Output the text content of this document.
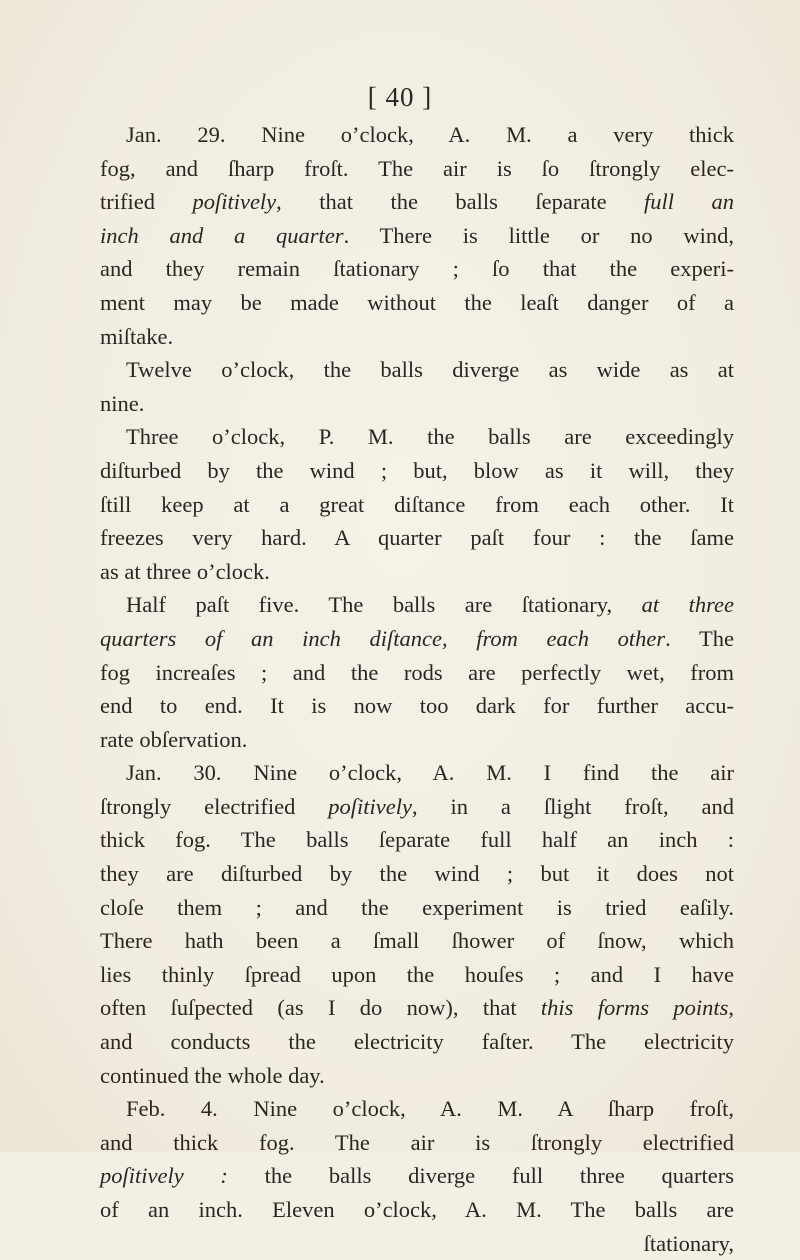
[ 40 ]
Jan. 29. Nine o’clock, A. M. a very thick
fog, and ſharp froſt. The air is ſo ſtrongly elec-
trified poſitively, that the balls ſeparate full an
inch and a quarter. There is little or no wind,
and they remain ſtationary ; ſo that the experi-
ment may be made without the leaſt danger of a
miſtake.
Twelve o’clock, the balls diverge as wide as at
nine.
Three o’clock, P. M. the balls are exceedingly
diſturbed by the wind ; but, blow as it will, they
ſtill keep at a great diſtance from each other. It
freezes very hard. A quarter paſt four : the ſame
as at three o’clock.
Half paſt five. The balls are ſtationary, at three
quarters of an inch diſtance, from each other. The
fog increaſes ; and the rods are perfectly wet, from
end to end. It is now too dark for further accu-
rate obſervation.
Jan. 30. Nine o’clock, A. M. I find the air
ſtrongly electrified poſitively, in a ſlight froſt, and
thick fog. The balls ſeparate full half an inch :
they are diſturbed by the wind ; but it does not
cloſe them ; and the experiment is tried eaſily.
There hath been a ſmall ſhower of ſnow, which
lies thinly ſpread upon the houſes ; and I have
often ſuſpected (as I do now), that this forms points,
and conducts the electricity faſter. The electricity
continued the whole day.
Feb. 4. Nine o’clock, A. M. A ſharp froſt,
and thick fog. The air is ſtrongly electrified
poſitively : the balls diverge full three quarters
of an inch. Eleven o’clock, A. M. The balls are
ſtationary,
